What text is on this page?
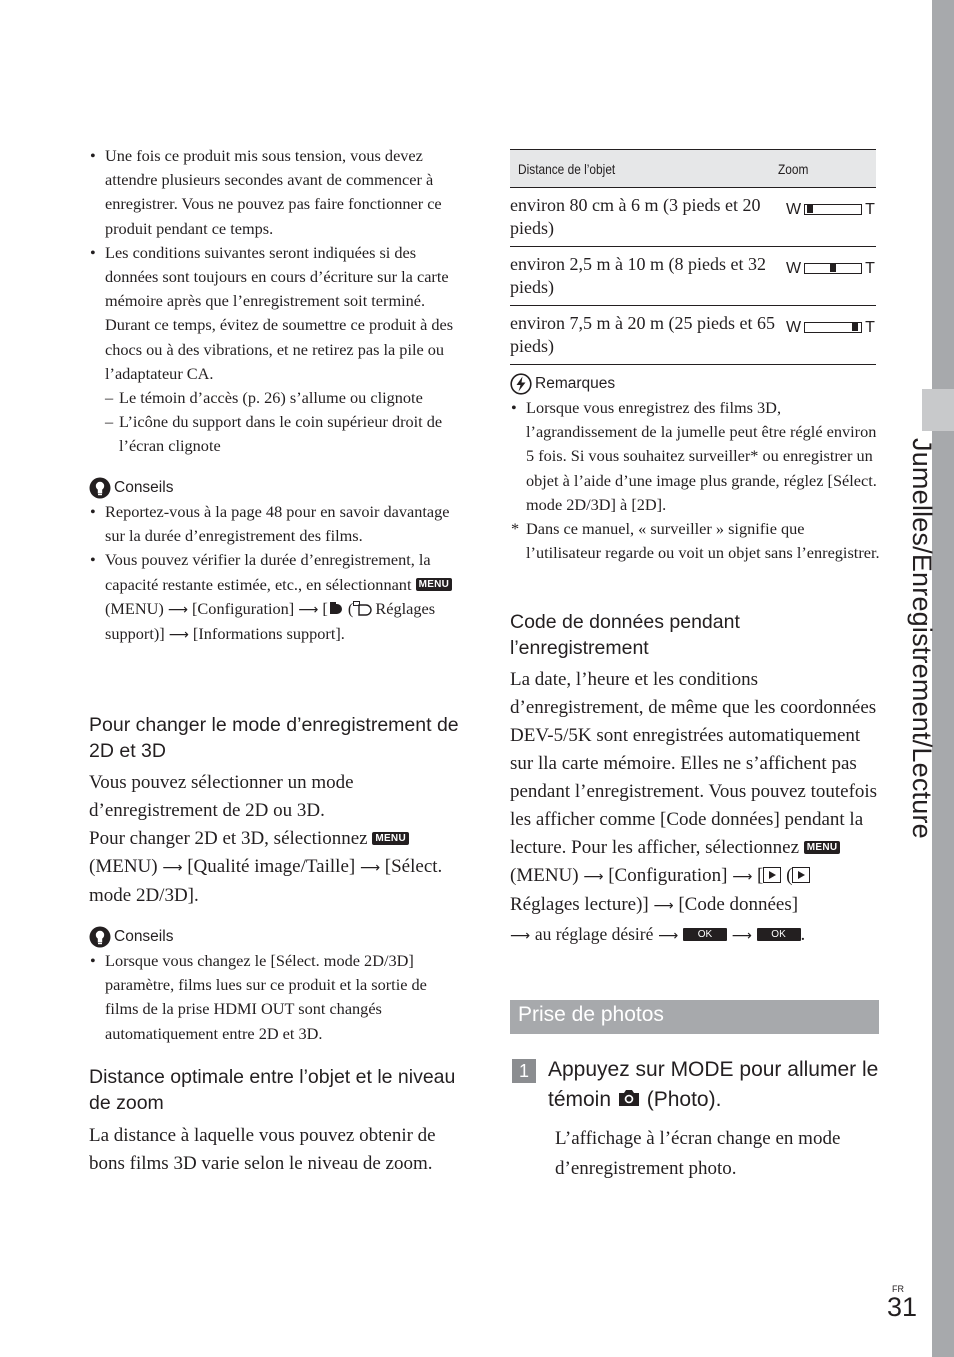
Jumelles/Enregistrement/Lecture
• Une fois ce produit mis sous tension, vous devez attendre plusieurs secondes avant de commencer à enregistrer. Vous ne pouvez pas faire fonctionner ce produit pendant ce temps.
• Les conditions suivantes seront indiquées si des données sont toujours en cours d’écriture sur la carte mémoire après que l’enregistrement soit terminé. Durant ce temps, évitez de soumettre ce produit à des chocs ou à des vibrations, et ne retirez pas la pile ou l’adaptateur CA.
– Le témoin d’accès (p. 26) s’allume ou clignote
– L’icône du support dans le coin supérieur droit de l’écran clignote
Conseils
• Reportez-vous à la page 48 pour en savoir davantage sur la durée d’enregistrement des films.
• Vous pouvez vérifier la durée d’enregistrement, la capacité restante estimée, etc., en sélectionnant MENU (MENU) ⟶ [Configuration] ⟶ [ ( Réglages support)] ⟶ [Informations support].
Pour changer le mode d’enregistrement de 2D et 3D

Vous pouvez sélectionner un mode d’enregistrement de 2D ou 3D.
Pour changer 2D et 3D, sélectionnez MENU (MENU) ⟶ [Qualité image/Taille] ⟶ [Sélect. mode 2D/3D].

Conseils
• Lorsque vous changez le [Sélect. mode 2D/3D] paramètre, films lues sur ce produit et la sortie de films de la prise HDMI OUT sont changés automatiquement entre 2D et 3D.
Distance optimale entre l’objet et le niveau de zoom

La distance à laquelle vous pouvez obtenir de bons films 3D varie selon le niveau de zoom.

Distance de l’objet	Zoom
environ 80 cm à 6 m (3 pieds et 20 pieds)	W T

environ 2,5 m à 10 m (8 pieds et 32 pieds)	W T

environ 7,5 m à 20 m (25 pieds et 65 pieds)	W T
Remarques
• Lorsque vous enregistrez des films 3D, l’agrandissement de la jumelle peut être réglé environ 5 fois. Si vous souhaitez surveiller* ou enregistrer un objet à l’aide d’une image plus grande, réglez [Sélect. mode 2D/3D] à [2D].
* Dans ce manuel, « surveiller » signifie que l’utilisateur regarde ou voit un objet sans l’enregistrer.
Code de données pendant l’enregistrement

La date, l’heure et les conditions d’enregistrement, de même que les coordonnées DEV-5/5K sont enregistrées automatiquement sur lla carte mémoire. Elles ne s’affichent pas pendant l’enregistrement. Vous pouvez toutefois les afficher comme [Code données] pendant la lecture. Pour les afficher, sélectionnez MENU (MENU) ⟶ [Configuration] ⟶ [ ( Réglages lecture)] ⟶ [Code données]
⟶ au réglage désiré ⟶ OK ⟶ OK .

Prise de photos
1 Appuyez sur MODE pour allumer le témoin (Photo).
L’affichage à l’écran change en mode d’enregistrement photo.
FR
31
